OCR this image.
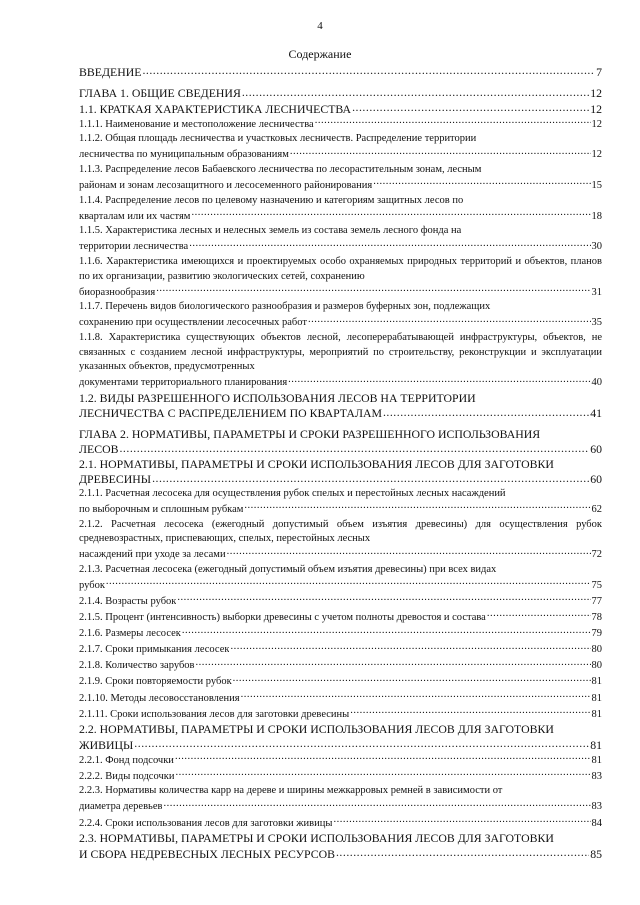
4
Содержание
ВВЕДЕНИЕ .....	7
ГЛАВА 1. ОБЩИЕ СВЕДЕНИЯ .....	12
1.1. КРАТКАЯ ХАРАКТЕРИСТИКА ЛЕСНИЧЕСТВА .....	12
1.1.1. Наименование и местоположение лесничества .....	12
1.1.2. Общая площадь лесничества и участковых лесничеств. Распределение территории
лесничества по муниципальным образованиям .....	12
1.1.3. Распределение лесов Бабаевского лесничества по лесорастительным зонам, лесным
районам и зонам лесозащитного и лесосеменного районирования .....	15
1.1.4. Распределение лесов по целевому назначению и категориям защитных лесов по
кварталам или их частям .....	18
1.1.5. Характеристика лесных и нелесных земель из состава земель лесного фонда на
территории лесничества .....	30
1.1.6. Характеристика имеющихся и проектируемых особо охраняемых природных территорий и объектов, планов по их организации, развитию экологических сетей, сохранению
биоразнообразия .....	31
1.1.7. Перечень видов биологического разнообразия и размеров буферных зон, подлежащих
сохранению при осуществлении лесосечных работ .....	35
1.1.8. Характеристика существующих объектов лесной, лесоперерабатывающей инфраструктуры, объектов, не связанных с созданием лесной инфраструктуры, мероприятий по строительству, реконструкции и эксплуатации указанных объектов, предусмотренных
документами территориального планирования .....	40
1.2. ВИДЫ РАЗРЕШЕННОГО ИСПОЛЬЗОВАНИЯ ЛЕСОВ НА ТЕРРИТОРИИ
ЛЕСНИЧЕСТВА С РАСПРЕДЕЛЕНИЕМ ПО КВАРТАЛАМ .....	41
ГЛАВА 2. НОРМАТИВЫ, ПАРАМЕТРЫ И СРОКИ РАЗРЕШЕННОГО ИСПОЛЬЗОВАНИЯ
ЛЕСОВ .....	60
2.1. НОРМАТИВЫ, ПАРАМЕТРЫ И СРОКИ ИСПОЛЬЗОВАНИЯ ЛЕСОВ ДЛЯ ЗАГОТОВКИ
ДРЕВЕСИНЫ .....	60
2.1.1. Расчетная лесосека для осуществления рубок спелых и перестойных лесных насаждений
по выборочным и сплошным рубкам .....	62
2.1.2. Расчетная лесосека (ежегодный допустимый объем изъятия древесины) для осуществления рубок средневозрастных, приспевающих, спелых, перестойных лесных
насаждений при уходе за лесами .....	72
2.1.3. Расчетная лесосека (ежегодный допустимый объем изъятия древесины) при всех видах
рубок .....	75
2.1.4. Возрасты рубок .....	77
2.1.5. Процент (интенсивность) выборки древесины с учетом полноты древостоя и состава .....	78
2.1.6. Размеры лесосек .....	79
2.1.7. Сроки примыкания лесосек .....	80
2.1.8. Количество зарубов .....	80
2.1.9. Сроки повторяемости рубок .....	81
2.1.10. Методы лесовосстановления .....	81
2.1.11. Сроки использования лесов для заготовки древесины .....	81
2.2. НОРМАТИВЫ, ПАРАМЕТРЫ И СРОКИ ИСПОЛЬЗОВАНИЯ ЛЕСОВ ДЛЯ ЗАГОТОВКИ
ЖИВИЦЫ .....	81
2.2.1. Фонд подсочки .....	81
2.2.2. Виды подсочки .....	83
2.2.3. Нормативы количества карр на дереве и ширины межкарровых ремней в зависимости от
диаметра деревьев .....	83
2.2.4. Сроки использования лесов для заготовки живицы .....	84
2.3. НОРМАТИВЫ, ПАРАМЕТРЫ И СРОКИ ИСПОЛЬЗОВАНИЯ ЛЕСОВ ДЛЯ ЗАГОТОВКИ
И СБОРА НЕДРЕВЕСНЫХ ЛЕСНЫХ РЕСУРСОВ .....	85
